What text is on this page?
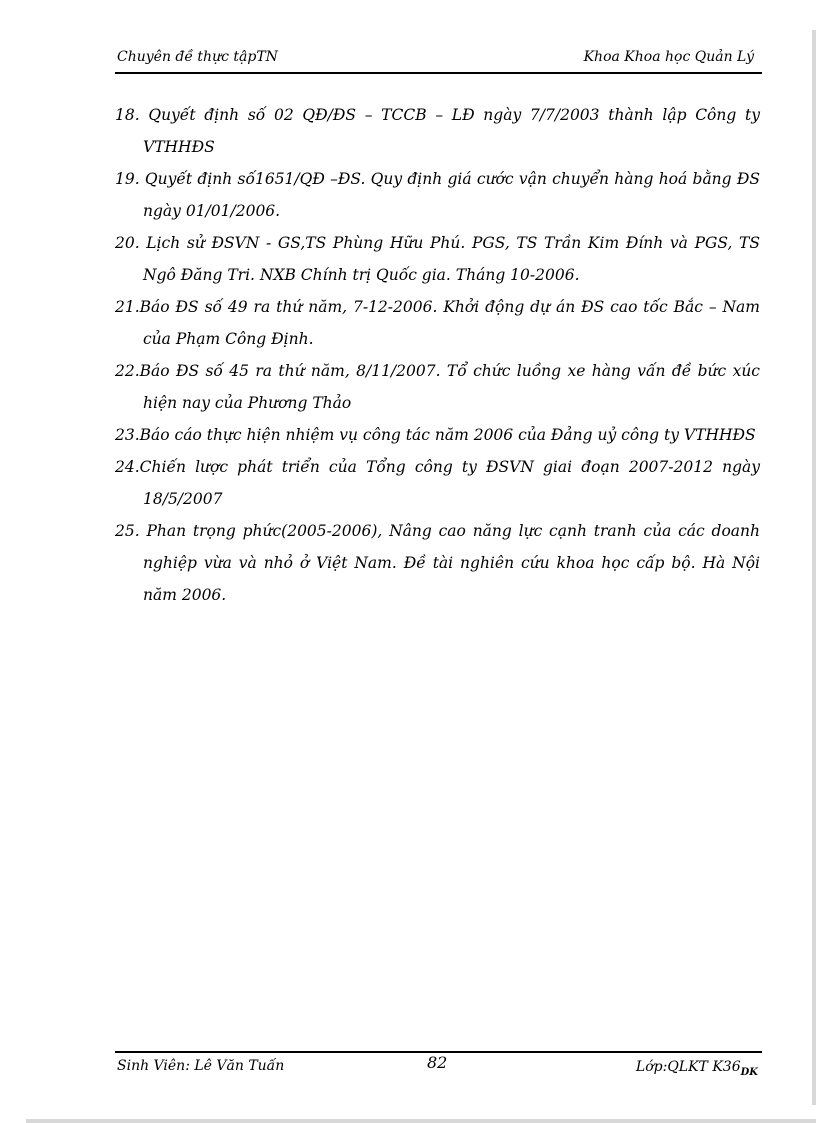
Chuyên đề thực tậpTN	Khoa Khoa học Quản Lý
18. Quyết định số 02 QĐ/ĐS – TCCB – LĐ ngày 7/7/2003 thành lập Công ty VTHHĐS
19. Quyết định số1651/QĐ –ĐS. Quy định giá cước vận chuyển hàng hoá bằng ĐS ngày 01/01/2006.
20. Lịch sử ĐSVN - GS,TS Phùng Hữu Phú. PGS, TS Trần Kim Đính và PGS, TS Ngô Đăng Tri. NXB Chính trị Quốc gia. Tháng 10-2006.
21.Báo ĐS số 49 ra thứ năm, 7-12-2006. Khởi động dự án ĐS cao tốc Bắc – Nam của Phạm Công Định.
22.Báo ĐS số 45 ra thứ năm, 8/11/2007. Tổ chức luồng xe hàng vấn đề bức xúc hiện nay của Phương Thảo
23.Báo cáo thực hiện nhiệm vụ công tác năm 2006 của Đảng uỷ công ty VTHHĐS
24.Chiến lược phát triển của Tổng công ty ĐSVN giai đoạn 2007-2012 ngày 18/5/2007
25. Phan trọng phức(2005-2006), Nâng cao năng lực cạnh tranh của các doanh nghiệp vừa và nhỏ ở Việt Nam. Đề tài nghiên cứu khoa học cấp bộ. Hà Nội năm 2006.
Sinh Viên: Lê Văn Tuấn	82	Lớp:QLKT $K36_{DK}$
